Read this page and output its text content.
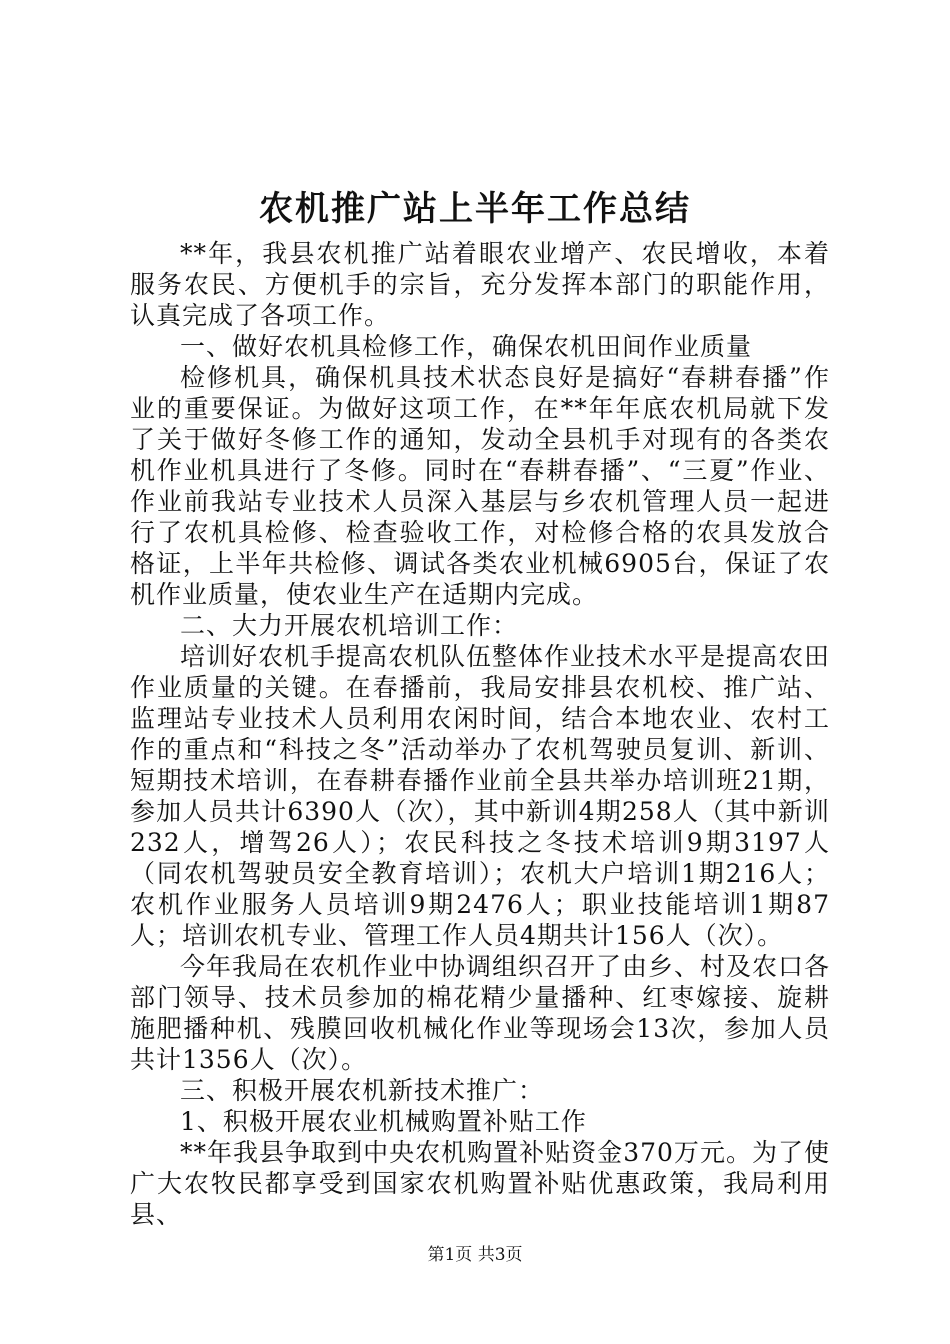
农机推广站上半年工作总结

**年，我县农机推广站着眼农业增产、农民增收，本着服务农民、方便机手的宗旨，充分发挥本部门的职能作用，认真完成了各项工作。

一、做好农机具检修工作，确保农机田间作业质量

检修机具，确保机具技术状态良好是搞好“春耕春播”作业的重要保证。为做好这项工作，在**年年底农机局就下发了关于做好冬修工作的通知，发动全县机手对现有的各类农机作业机具进行了冬修。同时在“春耕春播”、“三夏”作业、作业前我站专业技术人员深入基层与乡农机管理人员一起进行了农机具检修、检查验收工作，对检修合格的农具发放合格证，上半年共检修、调试各类农业机械6905台，保证了农机作业质量，使农业生产在适期内完成。

二、大力开展农机培训工作：

培训好农机手提高农机队伍整体作业技术水平是提高农田作业质量的关键。在春播前，我局安排县农机校、推广站、监理站专业技术人员利用农闲时间，结合本地农业、农村工作的重点和“科技之冬”活动举办了农机驾驶员复训、新训、短期技术培训，在春耕春播作业前全县共举办培训班21期，参加人员共计6390人（次），其中新训4期258人（其中新训232人，增驾26人）；农民科技之冬技术培训9期3197人（同农机驾驶员安全教育培训）；农机大户培训1期216人；农机作业服务人员培训9期2476人；职业技能培训1期87人；培训农机专业、管理工作人员4期共计156人（次）。

今年我局在农机作业中协调组织召开了由乡、村及农口各部门领导、技术员参加的棉花精少量播种、红枣嫁接、旋耕施肥播种机、残膜回收机械化作业等现场会13次，参加人员共计1356人（次）。

三、积极开展农机新技术推广：

1、积极开展农业机械购置补贴工作

**年我县争取到中央农机购置补贴资金370万元。为了使广大农牧民都享受到国家农机购置补贴优惠政策，我局利用县、

第1页 共3页
